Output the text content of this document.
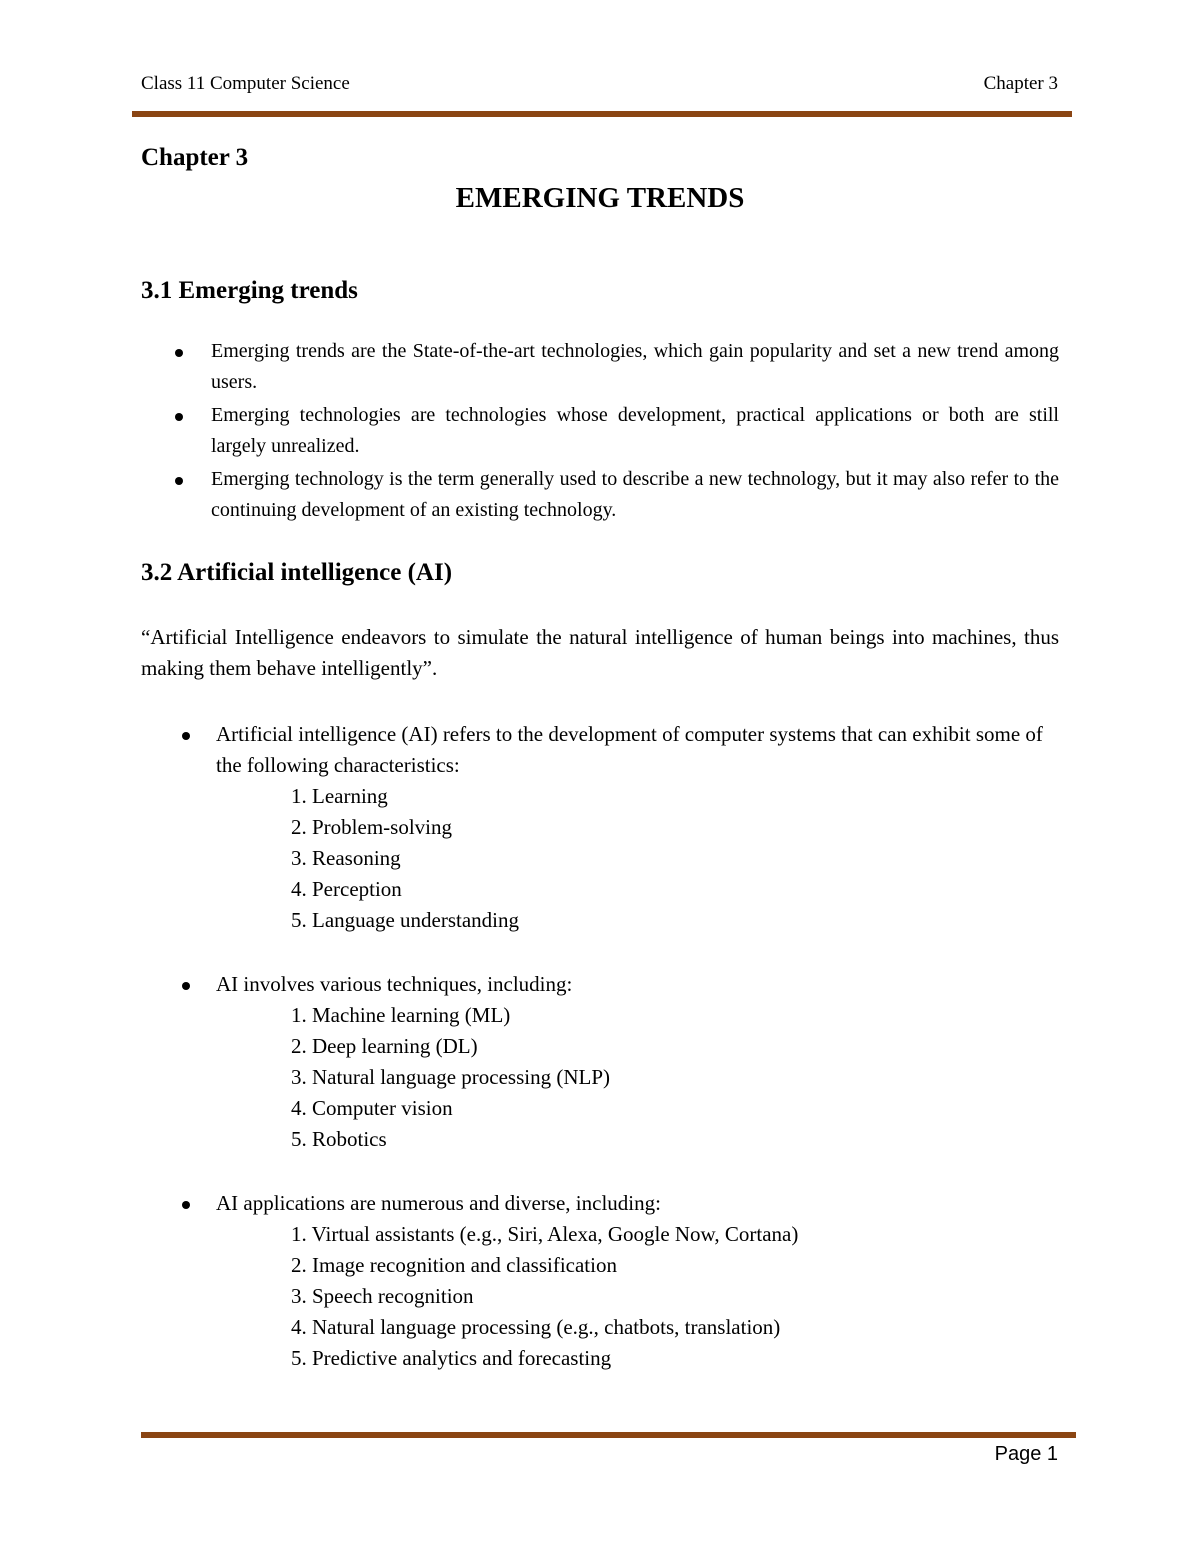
Class 11 Computer Science	Chapter 3
Chapter 3
EMERGING TRENDS
3.1 Emerging trends
Emerging trends are the State-of-the-art technologies, which gain popularity and set a new trend among users.
Emerging technologies are technologies whose development, practical applications or both are still largely unrealized.
Emerging technology is the term generally used to describe a new technology, but it may also refer to the continuing development of an existing technology.
3.2 Artificial intelligence (AI)
“Artificial Intelligence endeavors to simulate the natural intelligence of human beings into machines, thus making them behave intelligently”.
Artificial intelligence (AI) refers to the development of computer systems that can exhibit some of the following characteristics:
1. Learning
2. Problem-solving
3. Reasoning
4. Perception
5. Language understanding
AI involves various techniques, including:
1. Machine learning (ML)
2. Deep learning (DL)
3. Natural language processing (NLP)
4. Computer vision
5. Robotics
AI applications are numerous and diverse, including:
1. Virtual assistants (e.g., Siri, Alexa, Google Now, Cortana)
2. Image recognition and classification
3. Speech recognition
4. Natural language processing (e.g., chatbots, translation)
5. Predictive analytics and forecasting
Page 1
